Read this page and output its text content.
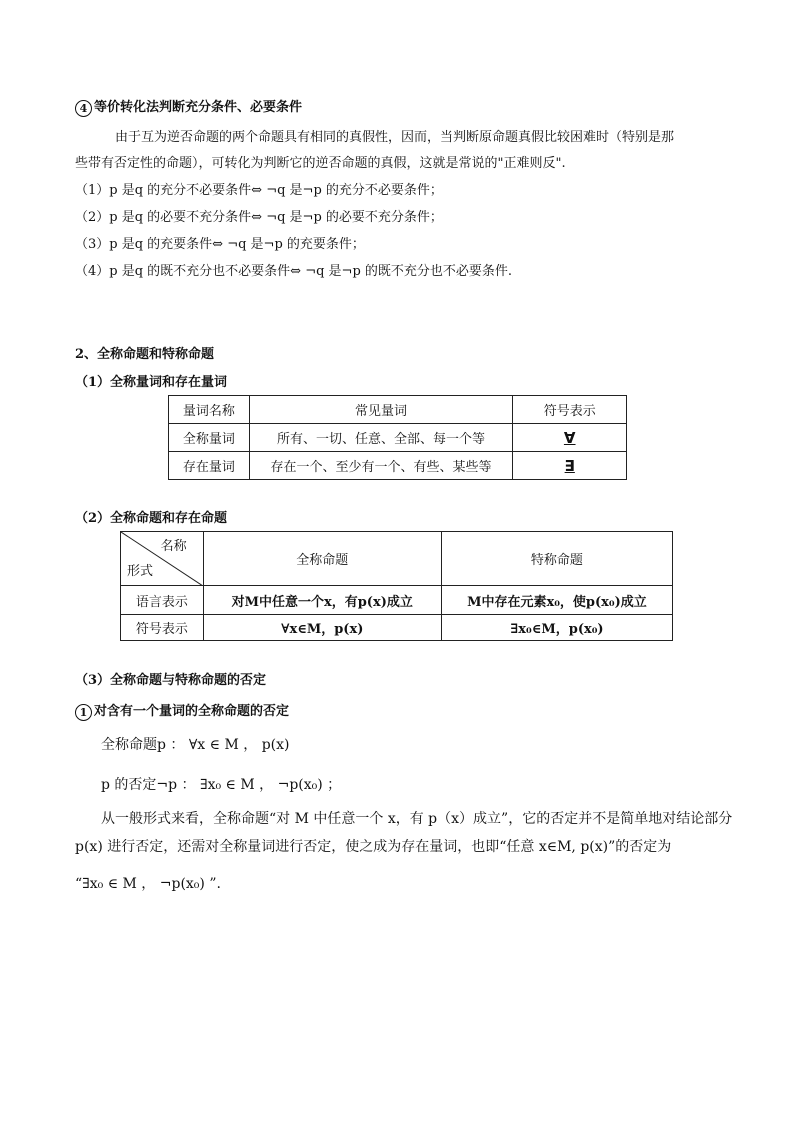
4 等价转化法判断充分条件、必要条件
由于互为逆否命题的两个命题具有相同的真假性，因而，当判断原命题真假比较困难时（特别是那
些带有否定性的命题），可转化为判断它的逆否命题的真假，这就是常说的"正难则反".
（1）p 是q 的充分不必要条件⇔ ¬q 是¬p 的充分不必要条件；
（2）p 是q 的必要不充分条件⇔ ¬q 是¬p 的必要不充分条件；
（3）p 是q 的充要条件⇔ ¬q 是¬p 的充要条件；
（4）p 是q 的既不充分也不必要条件⇔ ¬q 是¬p 的既不充分也不必要条件.
2、全称命题和特称命题
（1）全称量词和存在量词
量词名称	常见量词	符号表示
全称量词	所有、一切、任意、全部、每一个等	∀
存在量词	存在一个、至少有一个、有些、某些等	∃
（2）全称命题和存在命题
名称
形式	全称命题	特称命题
语言表示	对M中任意一个x，有p(x)成立	M中存在元素x₀，使p(x₀)成立
符号表示	∀x∈M，p(x)	∃x₀∈M，p(x₀)
（3）全称命题与特称命题的否定
1 对含有一个量词的全称命题的否定
全称命题p ： ∀x ∈ M ， p(x)
p 的否定¬p ： ∃x₀ ∈ M ， ¬p(x₀) ；
从一般形式来看，全称命题“对 M 中任意一个 x，有 p（x）成立”，它的否定并不是简单地对结论部分
p(x) 进行否定，还需对全称量词进行否定，使之成为存在量词，也即“任意 x∈M, p(x)”的否定为
“∃x₀ ∈ M ， ¬p(x₀) ”.
